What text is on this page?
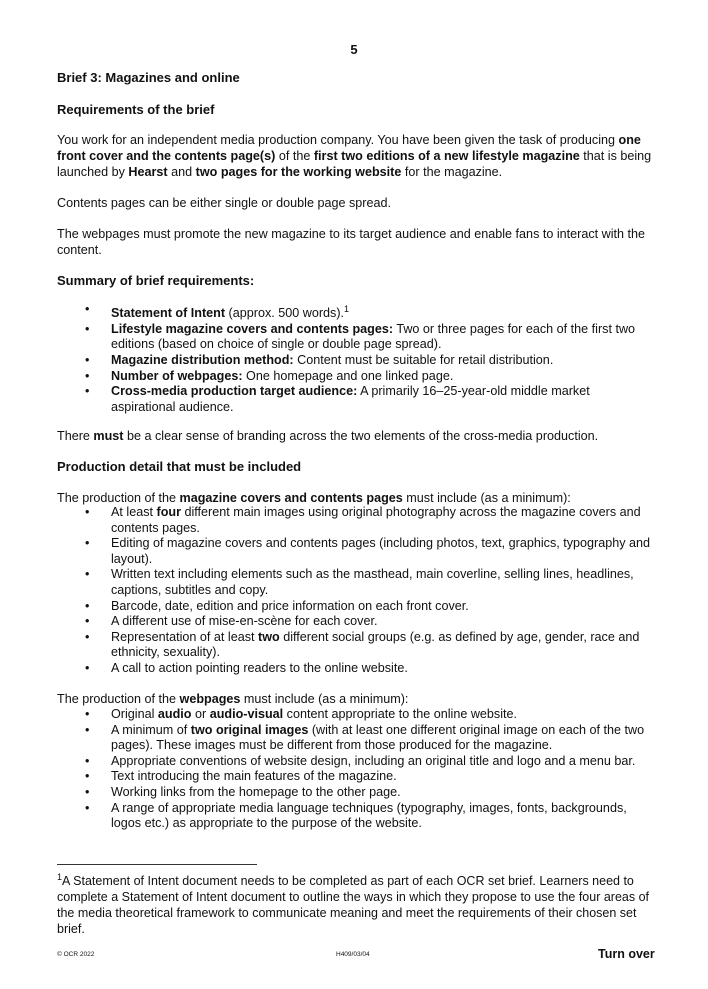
5
Brief 3: Magazines and online
Requirements of the brief

You work for an independent media production company. You have been given the task of producing one front cover and the contents page(s) of the first two editions of a new lifestyle magazine that is being launched by Hearst and two pages for the working website for the magazine.

Contents pages can be either single or double page spread.

The webpages must promote the new magazine to its target audience and enable fans to interact with the content.

Summary of brief requirements:
• Statement of Intent (approx. 500 words).$^1$
• Lifestyle magazine covers and contents pages: Two or three pages for each of the first two editions (based on choice of single or double page spread).
• Magazine distribution method: Content must be suitable for retail distribution.
• Number of webpages: One homepage and one linked page.
• Cross-media production target audience: A primarily 16–25-year-old middle market aspirational audience.

There must be a clear sense of branding across the two elements of the cross-media production.

Production detail that must be included

The production of the magazine covers and contents pages must include (as a minimum):

• At least four different main images using original photography across the magazine covers and contents pages.
• Editing of magazine covers and contents pages (including photos, text, graphics, typography and layout).
• Written text including elements such as the masthead, main coverline, selling lines, headlines, captions, subtitles and copy.
• Barcode, date, edition and price information on each front cover.
• A different use of mise-en-scène for each cover.
• Representation of at least two different social groups (e.g. as defined by age, gender, race and ethnicity, sexuality).
• A call to action pointing readers to the online website.

The production of the webpages must include (as a minimum):

• Original audio or audio-visual content appropriate to the online website.
• A minimum of two original images (with at least one different original image on each of the two pages). These images must be different from those produced for the magazine.
• Appropriate conventions of website design, including an original title and logo and a menu bar.
• Text introducing the main features of the magazine.
• Working links from the homepage to the other page.
• A range of appropriate media language techniques (typography, images, fonts, backgrounds, logos etc.) as appropriate to the purpose of the website.
$^1$A Statement of Intent document needs to be completed as part of each OCR set brief. Learners need to complete a Statement of Intent document to outline the ways in which they propose to use the four areas of the media theoretical framework to communicate meaning and meet the requirements of their chosen set brief.
© OCR 2022	H409/03/04	Turn over
